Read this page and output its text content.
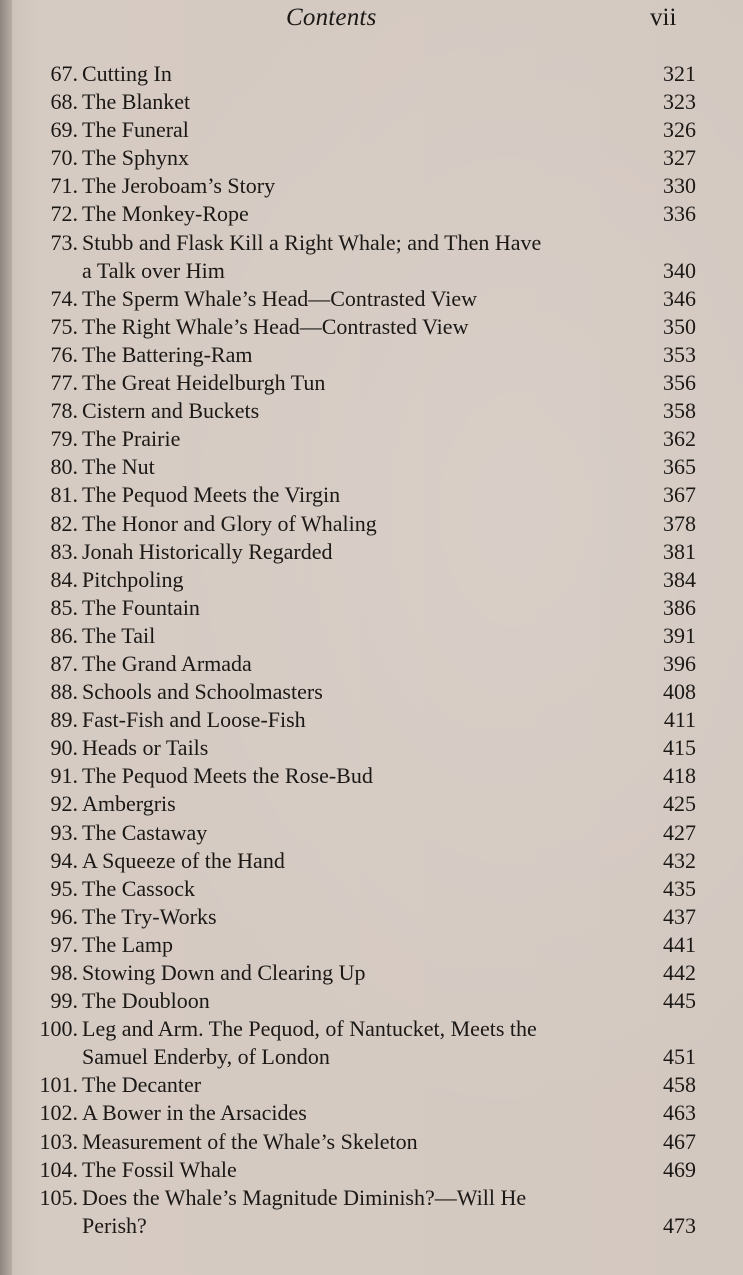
Contents	vii
67. Cutting In	321
68. The Blanket	323
69. The Funeral	326
70. The Sphynx	327
71. The Jeroboam’s Story	330
72. The Monkey-Rope	336
73. Stubb and Flask Kill a Right Whale; and Then Have
a Talk over Him	340
74. The Sperm Whale’s Head—Contrasted View	346
75. The Right Whale’s Head—Contrasted View	350
76. The Battering-Ram	353
77. The Great Heidelburgh Tun	356
78. Cistern and Buckets	358
79. The Prairie	362
80. The Nut	365
81. The Pequod Meets the Virgin	367
82. The Honor and Glory of Whaling	378
83. Jonah Historically Regarded	381
84. Pitchpoling	384
85. The Fountain	386
86. The Tail	391
87. The Grand Armada	396
88. Schools and Schoolmasters	408
89. Fast-Fish and Loose-Fish	411
90. Heads or Tails	415
91. The Pequod Meets the Rose-Bud	418
92. Ambergris	425
93. The Castaway	427
94. A Squeeze of the Hand	432
95. The Cassock	435
96. The Try-Works	437
97. The Lamp	441
98. Stowing Down and Clearing Up	442
99. The Doubloon	445
100. Leg and Arm. The Pequod, of Nantucket, Meets the
Samuel Enderby, of London	451
101. The Decanter	458
102. A Bower in the Arsacides	463
103. Measurement of the Whale’s Skeleton	467
104. The Fossil Whale	469
105. Does the Whale’s Magnitude Diminish?—Will He
Perish?	473
